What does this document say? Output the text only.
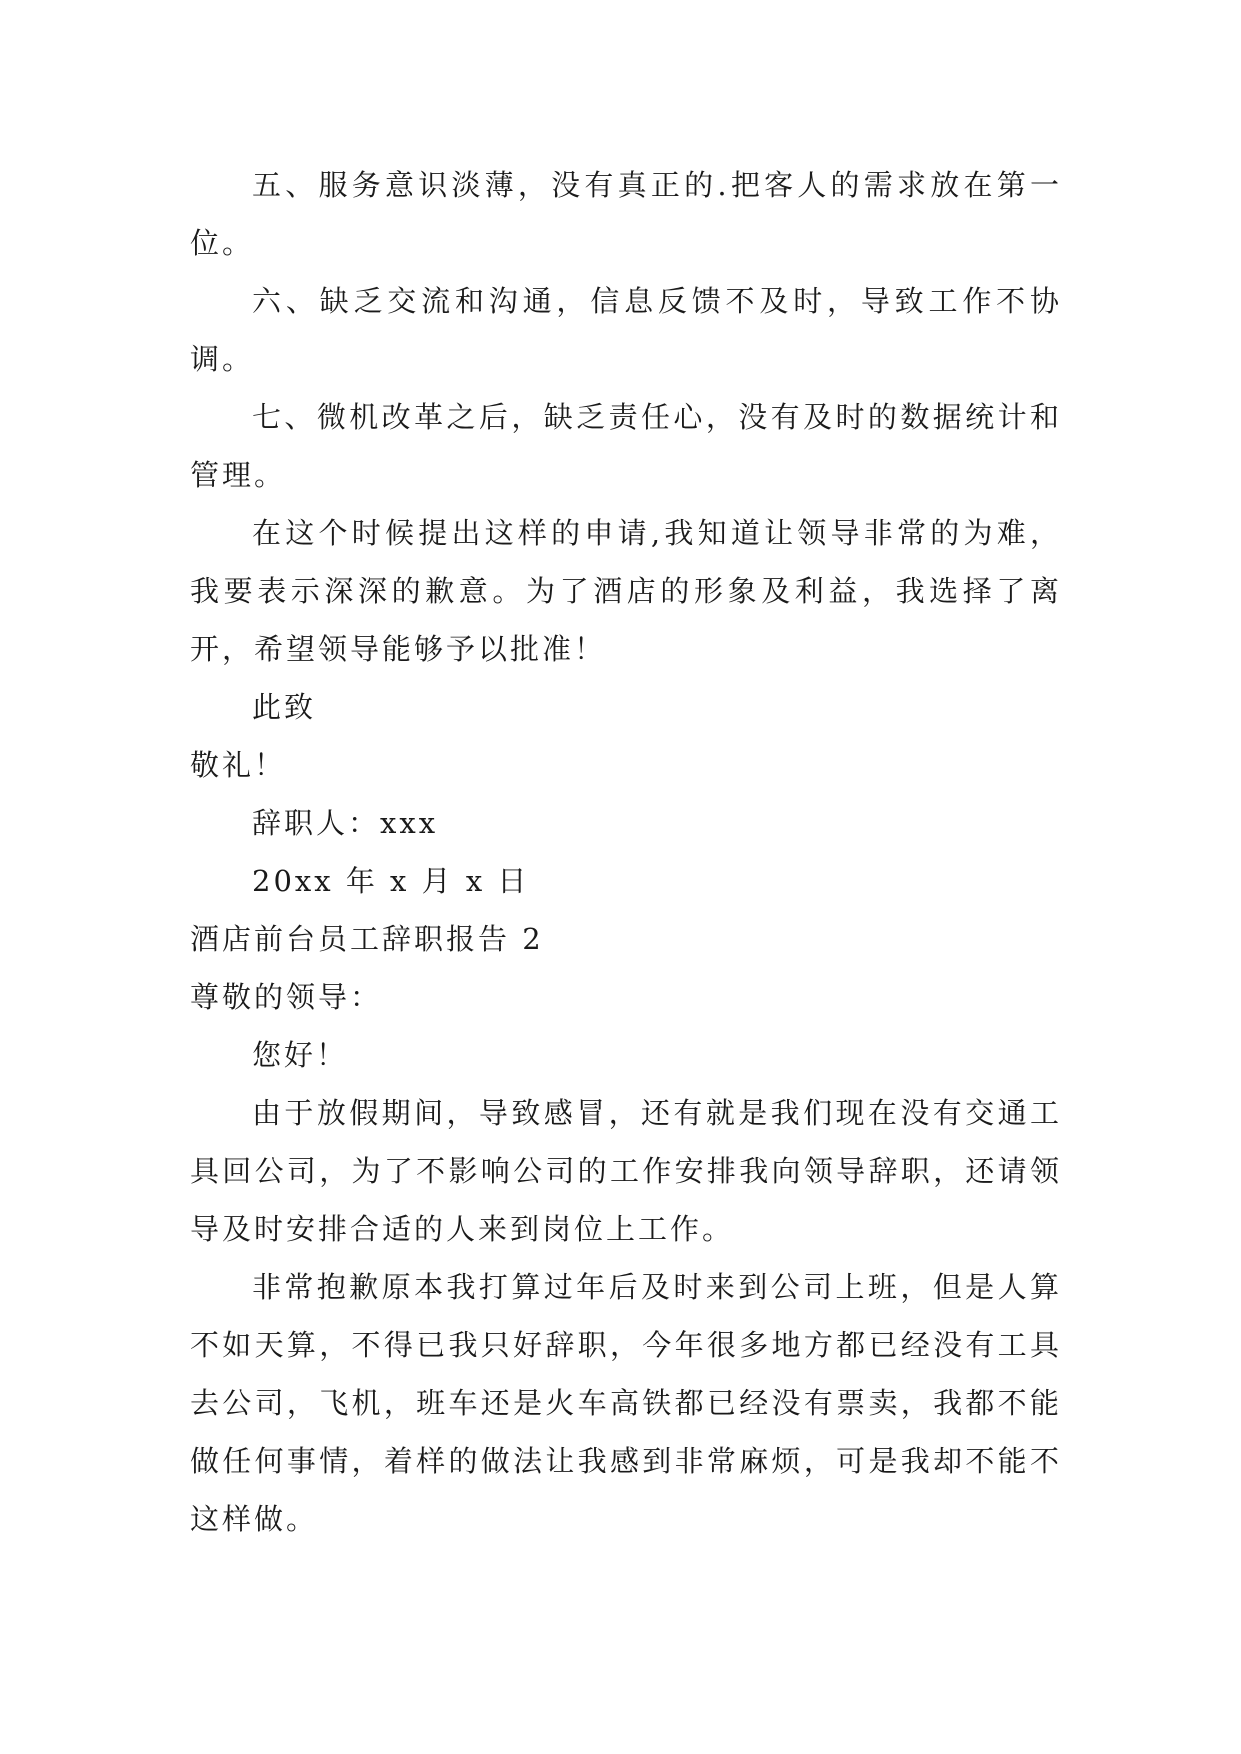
五、服务意识淡薄，没有真正的.把客人的需求放在第一位。

六、缺乏交流和沟通，信息反馈不及时，导致工作不协调。

七、微机改革之后，缺乏责任心，没有及时的数据统计和管理。

在这个时候提出这样的申请,我知道让领导非常的为难，我要表示深深的歉意。为了酒店的形象及利益，我选择了离开，希望领导能够予以批准！

此致

敬礼！

辞职人：xxx

20xx 年 x 月 x 日

酒店前台员工辞职报告 2

尊敬的领导：

您好！

由于放假期间，导致感冒，还有就是我们现在没有交通工具回公司，为了不影响公司的工作安排我向领导辞职，还请领导及时安排合适的人来到岗位上工作。

非常抱歉原本我打算过年后及时来到公司上班，但是人算不如天算，不得已我只好辞职，今年很多地方都已经没有工具去公司，飞机，班车还是火车高铁都已经没有票卖，我都不能做任何事情，着样的做法让我感到非常麻烦，可是我却不能不这样做。
